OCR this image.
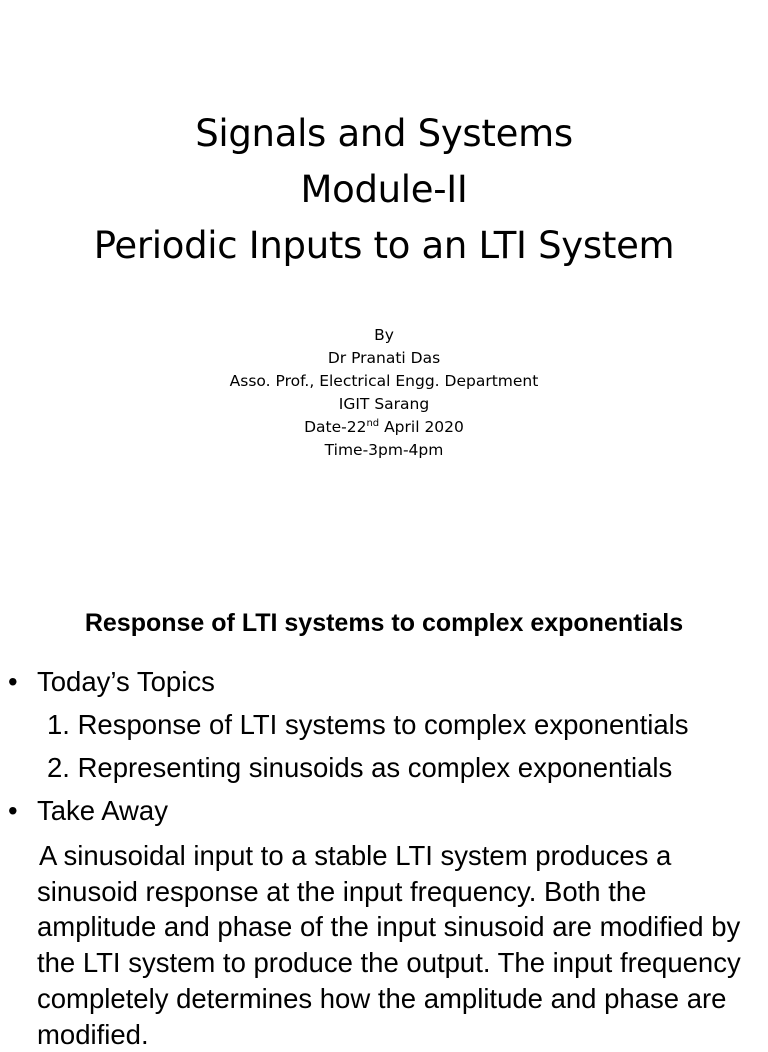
Signals and Systems
Module-II
Periodic Inputs to an LTI System
By
Dr Pranati Das
Asso. Prof., Electrical Engg. Department
IGIT Sarang
Date-22nd April 2020
Time-3pm-4pm
Response of LTI systems to complex exponentials
• Today’s Topics
1. Response of LTI systems to complex exponentials
2. Representing sinusoids as complex exponentials
• Take Away
A sinusoidal input to a stable LTI system produces a sinusoid response at the input frequency. Both the amplitude and phase of the input sinusoid are modified by the LTI system to produce the output. The input frequency completely determines how the amplitude and phase are modified.
